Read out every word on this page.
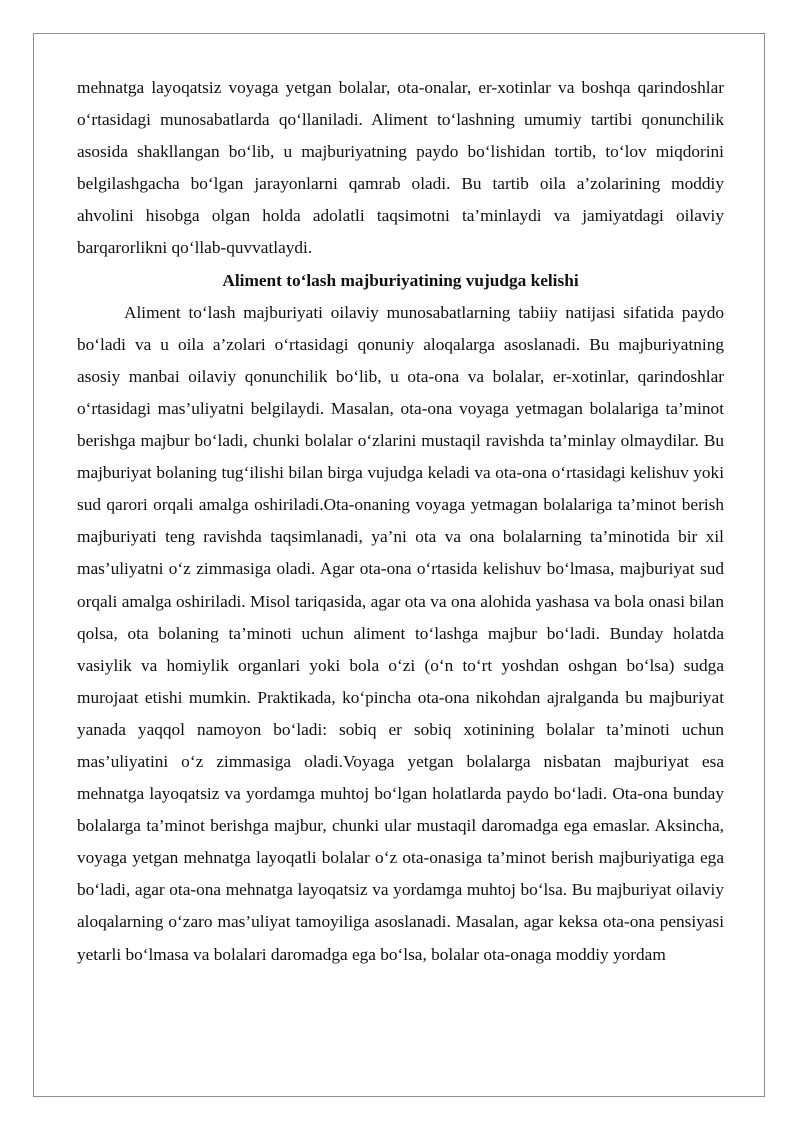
mehnatga layoqatsiz voyaga yetgan bolalar, ota-onalar, er-xotinlar va boshqa qarindoshlar o‘rtasidagi munosabatlarda qo‘llaniladi. Aliment to‘lashning umumiy tartibi qonunchilik asosida shakllangan bo‘lib, u majburiyatning paydo bo‘lishidan tortib, to‘lov miqdorini belgilashgacha bo‘lgan jarayonlarni qamrab oladi. Bu tartib oila a’zolarining moddiy ahvolini hisobga olgan holda adolatli taqsimotni ta’minlaydi va jamiyatdagi oilaviy barqarorlikni qo‘llab-quvvatlaydi.

Aliment to‘lash majburiyatining vujudga kelishi

Aliment to‘lash majburiyati oilaviy munosabatlarning tabiiy natijasi sifatida paydo bo‘ladi va u oila a’zolari o‘rtasidagi qonuniy aloqalarga asoslanadi. Bu majburiyatning asosiy manbai oilaviy qonunchilik bo‘lib, u ota-ona va bolalar, er-xotinlar, qarindoshlar o‘rtasidagi mas’uliyatni belgilaydi. Masalan, ota-ona voyaga yetmagan bolalariga ta’minot berishga majbur bo‘ladi, chunki bolalar o‘zlarini mustaqil ravishda ta’minlay olmaydilar. Bu majburiyat bolaning tug‘ilishi bilan birga vujudga keladi va ota-ona o‘rtasidagi kelishuv yoki sud qarori orqali amalga oshiriladi.Ota-onaning voyaga yetmagan bolalariga ta’minot berish majburiyati teng ravishda taqsimlanadi, ya’ni ota va ona bolalarning ta’minotida bir xil mas’uliyatni o‘z zimmasiga oladi. Agar ota-ona o‘rtasida kelishuv bo‘lmasa, majburiyat sud orqali amalga oshiriladi. Misol tariqasida, agar ota va ona alohida yashasa va bola onasi bilan qolsa, ota bolaning ta’minoti uchun aliment to‘lashga majbur bo‘ladi. Bunday holatda vasiylik va homiylik organlari yoki bola o‘zi (o‘n to‘rt yoshdan oshgan bo‘lsa) sudga murojaat etishi mumkin. Praktikada, ko‘pincha ota-ona nikohdan ajralganda bu majburiyat yanada yaqqol namoyon bo‘ladi: sobiq er sobiq xotinining bolalar ta’minoti uchun mas’uliyatini o‘z zimmasiga oladi.Voyaga yetgan bolalarga nisbatan majburiyat esa mehnatga layoqatsiz va yordamga muhtoj bo‘lgan holatlarda paydo bo‘ladi. Ota-ona bunday bolalarga ta’minot berishga majbur, chunki ular mustaqil daromadga ega emaslar. Aksincha, voyaga yetgan mehnatga layoqatli bolalar o‘z ota-onasiga ta’minot berish majburiyatiga ega bo‘ladi, agar ota-ona mehnatga layoqatsiz va yordamga muhtoj bo‘lsa. Bu majburiyat oilaviy aloqalarning o‘zaro mas’uliyat tamoyiliga asoslanadi. Masalan, agar keksa ota-ona pensiyasi yetarli bo‘lmasa va bolalari daromadga ega bo‘lsa, bolalar ota-onaga moddiy yordam
